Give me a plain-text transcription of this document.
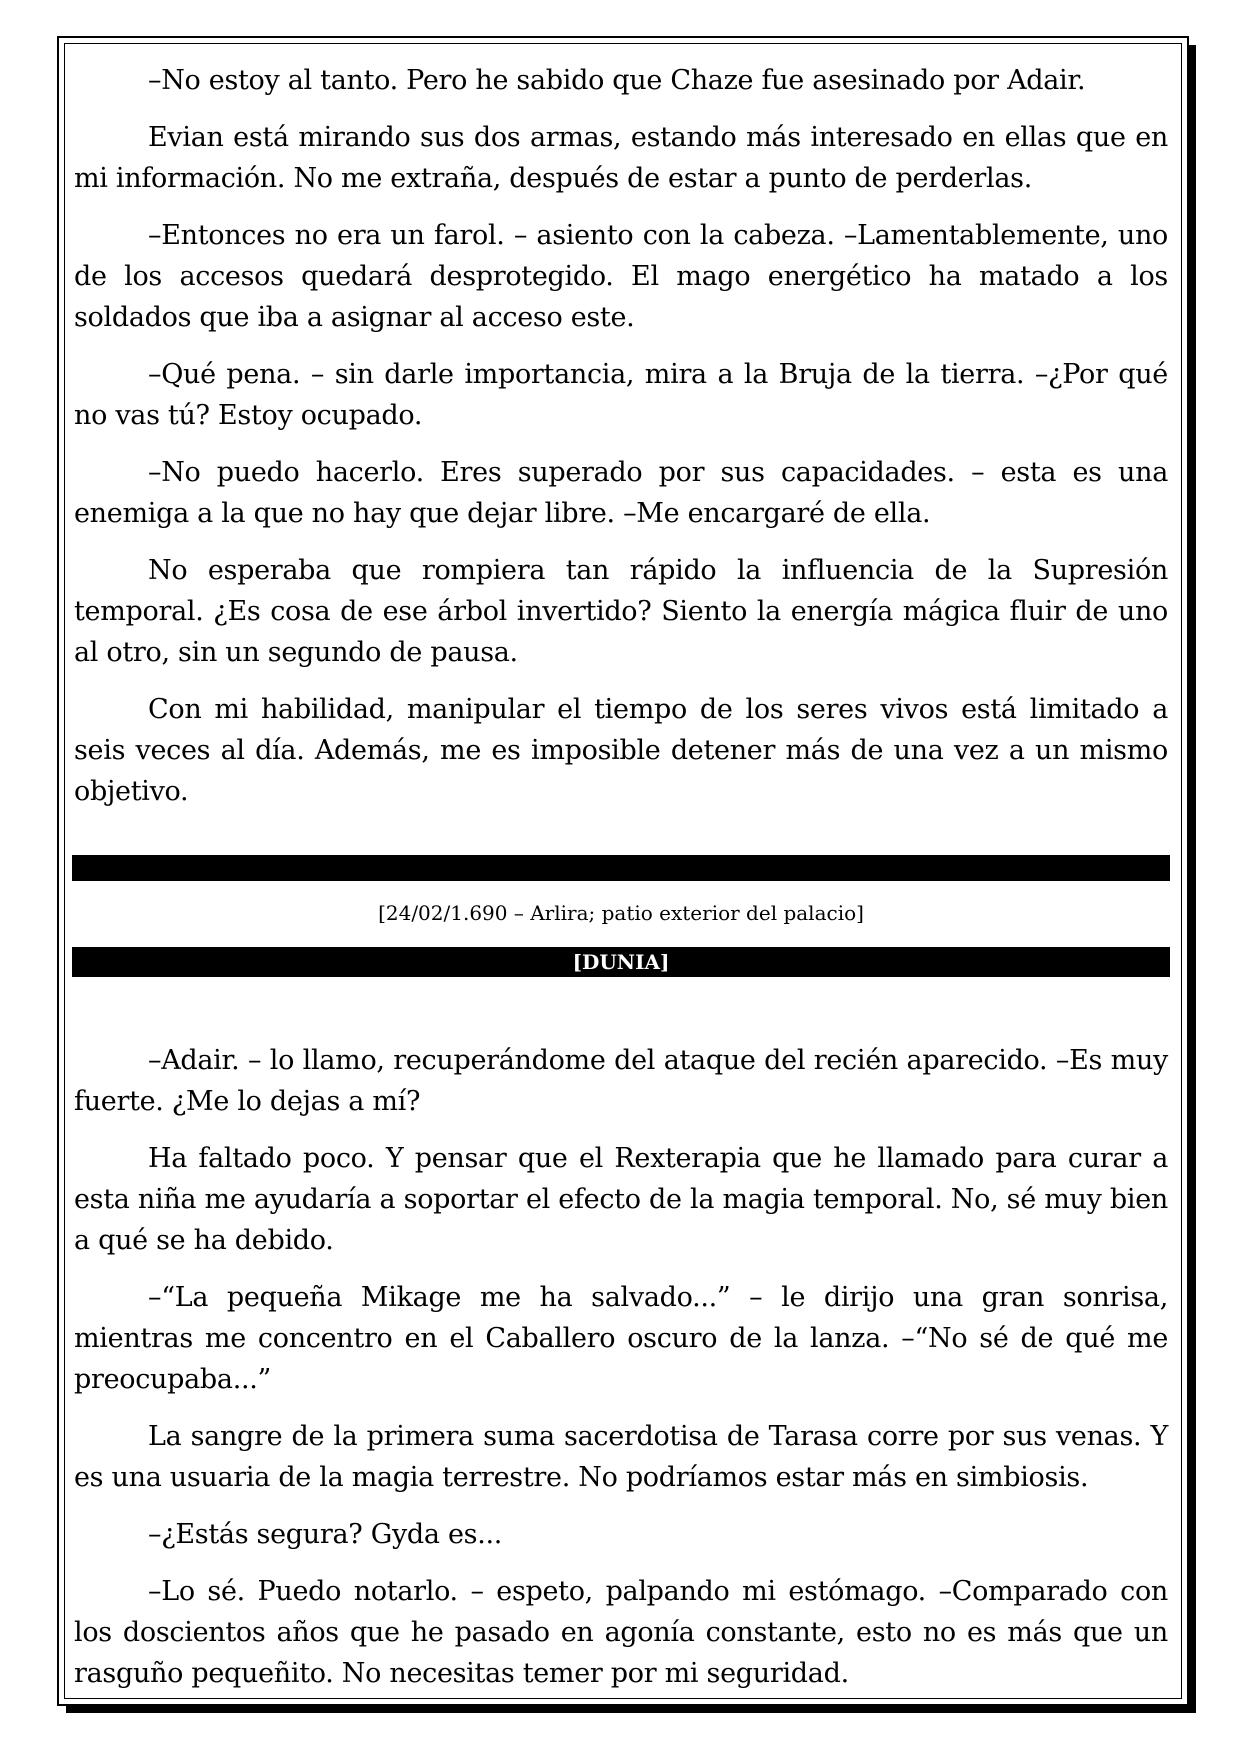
–No estoy al tanto. Pero he sabido que Chaze fue asesinado por Adair.

Evian está mirando sus dos armas, estando más interesado en ellas que en mi información. No me extraña, después de estar a punto de perderlas.

–Entonces no era un farol. – asiento con la cabeza. –Lamentablemente, uno de los accesos quedará desprotegido. El mago energético ha matado a los soldados que iba a asignar al acceso este.

–Qué pena. – sin darle importancia, mira a la Bruja de la tierra. –¿Por qué no vas tú? Estoy ocupado.

–No puedo hacerlo. Eres superado por sus capacidades. – esta es una enemiga a la que no hay que dejar libre. –Me encargaré de ella.

No esperaba que rompiera tan rápido la influencia de la Supresión temporal. ¿Es cosa de ese árbol invertido? Siento la energía mágica fluir de uno al otro, sin un segundo de pausa.

Con mi habilidad, manipular el tiempo de los seres vivos está limitado a seis veces al día. Además, me es imposible detener más de una vez a un mismo objetivo.

[24/02/1.690 – Arlira; patio exterior del palacio]
[DUNIA]

–Adair. – lo llamo, recuperándome del ataque del recién aparecido. –Es muy fuerte. ¿Me lo dejas a mí?

Ha faltado poco. Y pensar que el Rexterapia que he llamado para curar a esta niña me ayudaría a soportar el efecto de la magia temporal. No, sé muy bien a qué se ha debido.

–“La pequeña Mikage me ha salvado...” – le dirijo una gran sonrisa, mientras me concentro en el Caballero oscuro de la lanza. –“No sé de qué me preocupaba...”

La sangre de la primera suma sacerdotisa de Tarasa corre por sus venas. Y es una usuaria de la magia terrestre. No podríamos estar más en simbiosis.

–¿Estás segura? Gyda es...

–Lo sé. Puedo notarlo. – espeto, palpando mi estómago. –Comparado con los doscientos años que he pasado en agonía constante, esto no es más que un rasguño pequeñito. No necesitas temer por mi seguridad.
